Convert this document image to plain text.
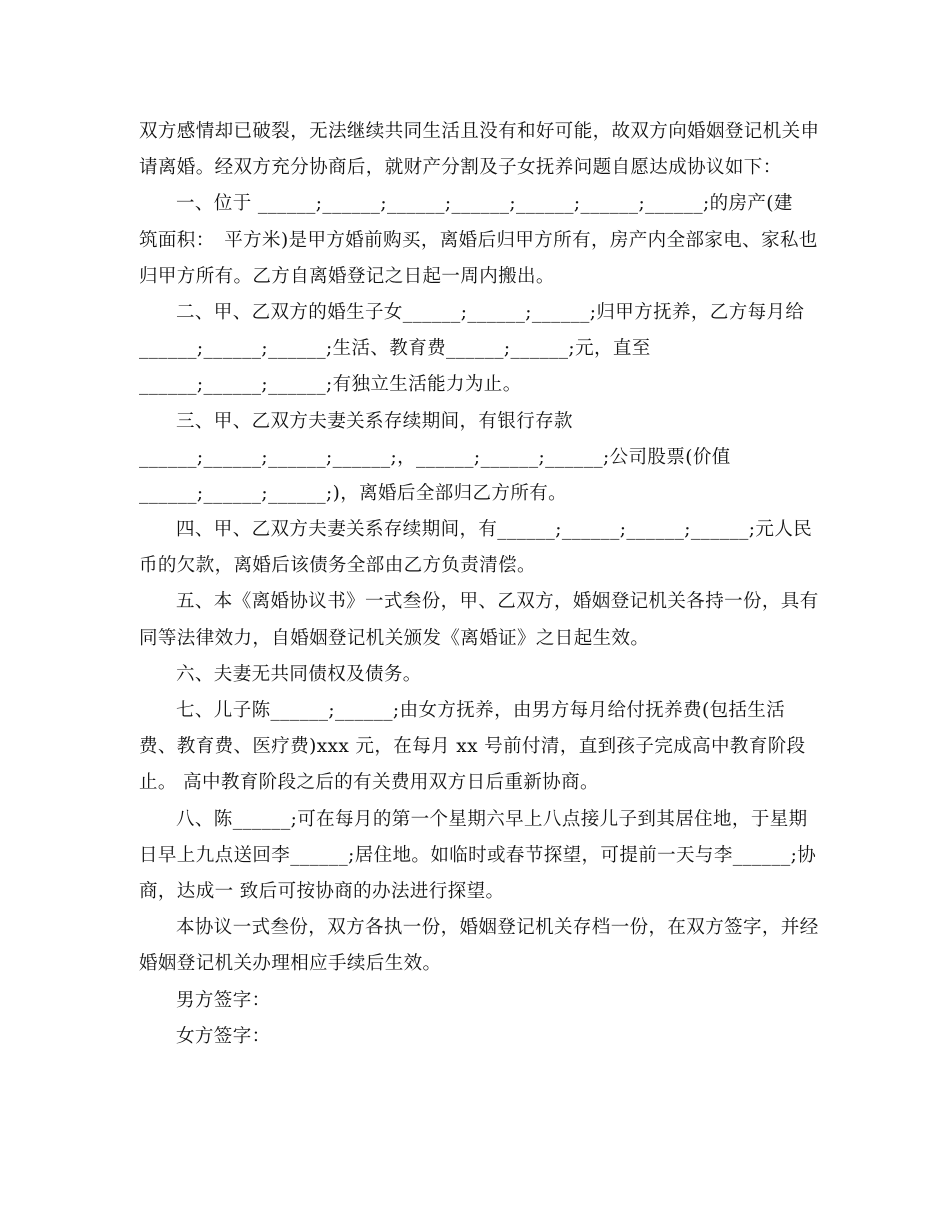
双方感情却已破裂，无法继续共同生活且没有和好可能，故双方向婚姻登记机关申
请离婚。经双方充分协商后，就财产分割及子女抚养问题自愿达成协议如下：
一、位于 ______;______;______;______;______;______;______;的房产(建
筑面积：　平方米)是甲方婚前购买，离婚后归甲方所有，房产内全部家电、家私也
归甲方所有。乙方自离婚登记之日起一周内搬出。
二、甲、乙双方的婚生子女______;______;______;归甲方抚养，乙方每月给
______;______;______;生活、教育费______;______;元，直至
______;______;______;有独立生活能力为止。
三、甲、乙双方夫妻关系存续期间，有银行存款
______;______;______;______;，______;______;______;公司股票(价值
______;______;______;)，离婚后全部归乙方所有。
四、甲、乙双方夫妻关系存续期间，有______;______;______;______;元人民
币的欠款，离婚后该债务全部由乙方负责清偿。
五、本《离婚协议书》一式叁份，甲、乙双方，婚姻登记机关各持一份，具有
同等法律效力，自婚姻登记机关颁发《离婚证》之日起生效。
六、夫妻无共同债权及债务。
七、儿子陈______;______;由女方抚养，由男方每月给付抚养费(包括生活
费、教育费、医疗费)xxx 元，在每月 xx 号前付清，直到孩子完成高中教育阶段
止。 高中教育阶段之后的有关费用双方日后重新协商。
八、陈______;可在每月的第一个星期六早上八点接儿子到其居住地，于星期
日早上九点送回李______;居住地。如临时或春节探望，可提前一天与李______;协
商，达成一 致后可按协商的办法进行探望。
本协议一式叁份，双方各执一份，婚姻登记机关存档一份，在双方签字，并经
婚姻登记机关办理相应手续后生效。
男方签字：
女方签字：
